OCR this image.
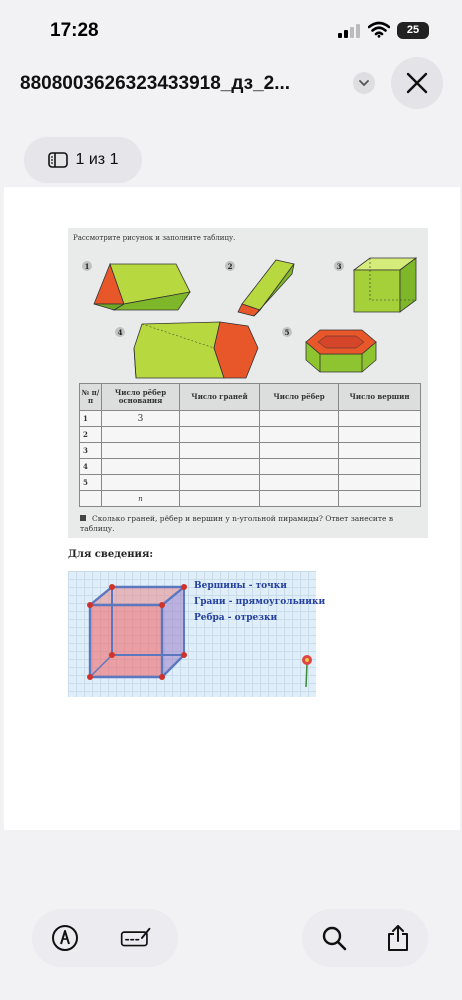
17:28	25
8808003626323433918_дз_2...
1 из 1
Рассмотрите рисунок и заполните таблицу.
1	2	3
4	5
№ п/п	Число рёбер основания	Число граней	Число рёбер	Число вершин
1	3			
2				
3				
4				
5				
	n			
Сколько граней, рёбер и вершин у n-угольной пирамиды? Ответ занесите в таблицу.
Для сведения:
Вершины - точки
Грани - прямоугольники
Ребра - отрезки
